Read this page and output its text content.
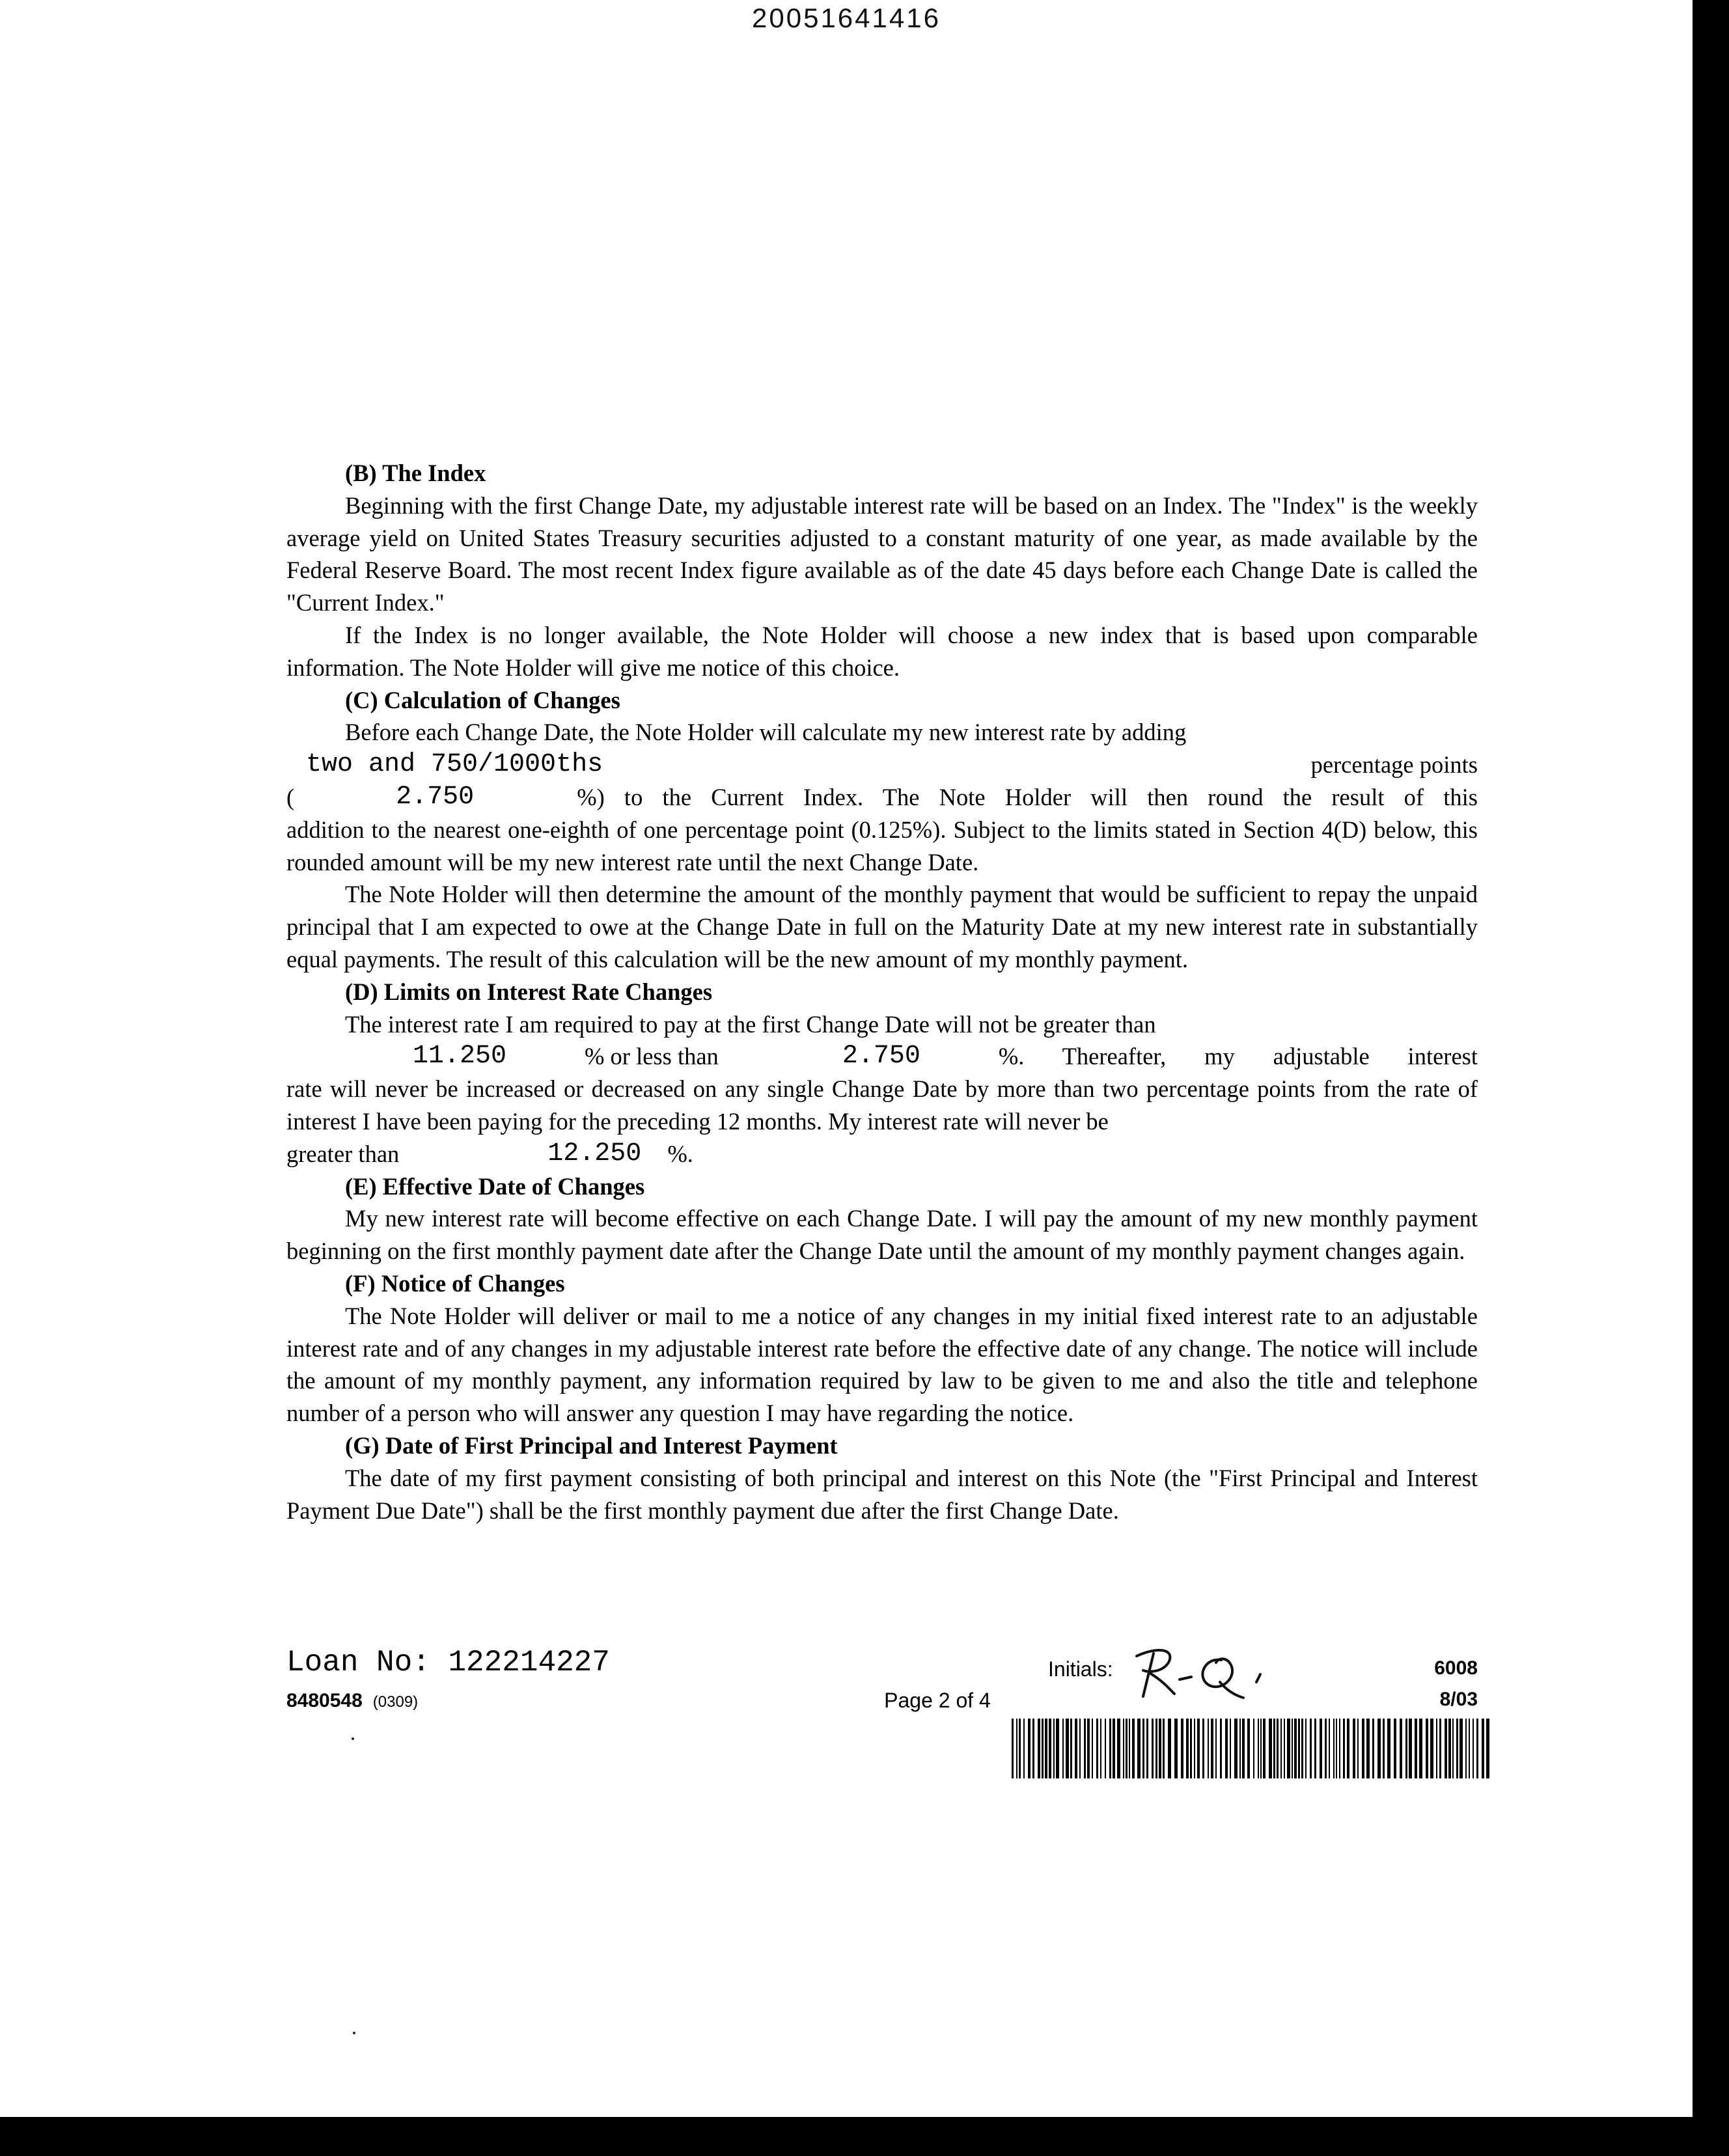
20051641416
(B) The Index

Beginning with the first Change Date, my adjustable interest rate will be based on an Index. The "Index" is the weekly average yield on United States Treasury securities adjusted to a constant maturity of one year, as made available by the Federal Reserve Board. The most recent Index figure available as of the date 45 days before each Change Date is called the "Current Index."

If the Index is no longer available, the Note Holder will choose a new index that is based upon comparable information. The Note Holder will give me notice of this choice.

(C) Calculation of Changes

Before each Change Date, the Note Holder will calculate my new interest rate by adding

two and 750/1000ths	percentage points
(	2.750	%) to the Current Index. The Note Holder will then round the result of this

addition to the nearest one-eighth of one percentage point (0.125%). Subject to the limits stated in Section 4(D) below, this rounded amount will be my new interest rate until the next Change Date.

The Note Holder will then determine the amount of the monthly payment that would be sufficient to repay the unpaid principal that I am expected to owe at the Change Date in full on the Maturity Date at my new interest rate in substantially equal payments. The result of this calculation will be the new amount of my monthly payment.

(D) Limits on Interest Rate Changes

The interest rate I am required to pay at the first Change Date will not be greater than

11.250	% or less than	2.750	%. Thereafter, my adjustable interest

rate will never be increased or decreased on any single Change Date by more than two percentage points from the rate of interest I have been paying for the preceding 12 months. My interest rate will never be

greater than	12.250 %.
(E) Effective Date of Changes

My new interest rate will become effective on each Change Date. I will pay the amount of my new monthly payment beginning on the first monthly payment date after the Change Date until the amount of my monthly payment changes again.

(F) Notice of Changes

The Note Holder will deliver or mail to me a notice of any changes in my initial fixed interest rate to an adjustable interest rate and of any changes in my adjustable interest rate before the effective date of any change. The notice will include the amount of my monthly payment, any information required by law to be given to me and also the title and telephone number of a person who will answer any question I may have regarding the notice.

(G) Date of First Principal and Interest Payment

The date of my first payment consisting of both principal and interest on this Note (the "First Principal and Interest Payment Due Date") shall be the first monthly payment due after the first Change Date.

Loan No: 122214227
8480548 (0309)	Page 2 of 4
Initials:	6008
8/03
